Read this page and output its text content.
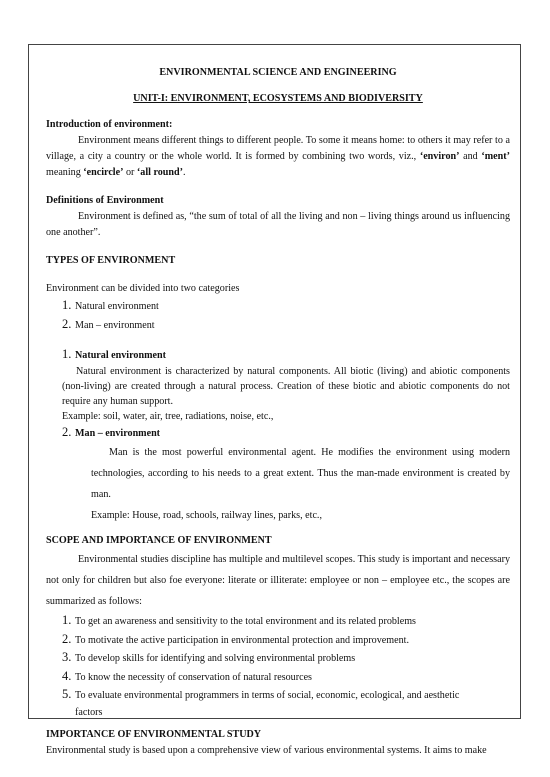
ENVIRONMENTAL SCIENCE AND ENGINEERING
UNIT-I: ENVIRONMENT, ECOSYSTEMS AND BIODIVERSITY
Introduction of environment:

Environment means different things to different people. To some it means home: to others it may refer to a village, a city a country or the whole world. It is formed by combining two words, viz., ‘environ’ and ‘ment’ meaning ‘encircle’ or ‘all round’.

Definitions of Environment

Environment is defined as, “the sum of total of all the living and non – living things around us influencing one another”.

TYPES OF ENVIRONMENT

Environment can be divided into two categories

1. Natural environment
2. Man – environment
1. Natural environment

Natural environment is characterized by natural components. All biotic (living) and abiotic components (non-living) are created through a natural process. Creation of these biotic and abiotic components do not require any human support.

Example: soil, water, air, tree, radiations, noise, etc.,
2. Man – environment

Man is the most powerful environmental agent. He modifies the environment using modern technologies, according to his needs to a great extent. Thus the man-made environment is created by man.

Example: House, road, schools, railway lines, parks, etc.,
SCOPE AND IMPORTANCE OF ENVIRONMENT

Environmental studies discipline has multiple and multilevel scopes. This study is important and necessary not only for children but also foe everyone: literate or illiterate: employee or non – employee etc., the scopes are summarized as follows:

1. To get an awareness and sensitivity to the total environment and its related problems
2. To motivate the active participation in environmental protection and improvement.
3. To develop skills for identifying and solving environmental problems
4. To know the necessity of conservation of natural resources
5. To evaluate environmental programmers in terms of social, economic, ecological, and aesthetic
factors
IMPORTANCE OF ENVIRONMENTAL STUDY

Environmental study is based upon a comprehensive view of various environmental systems. It aims to make
